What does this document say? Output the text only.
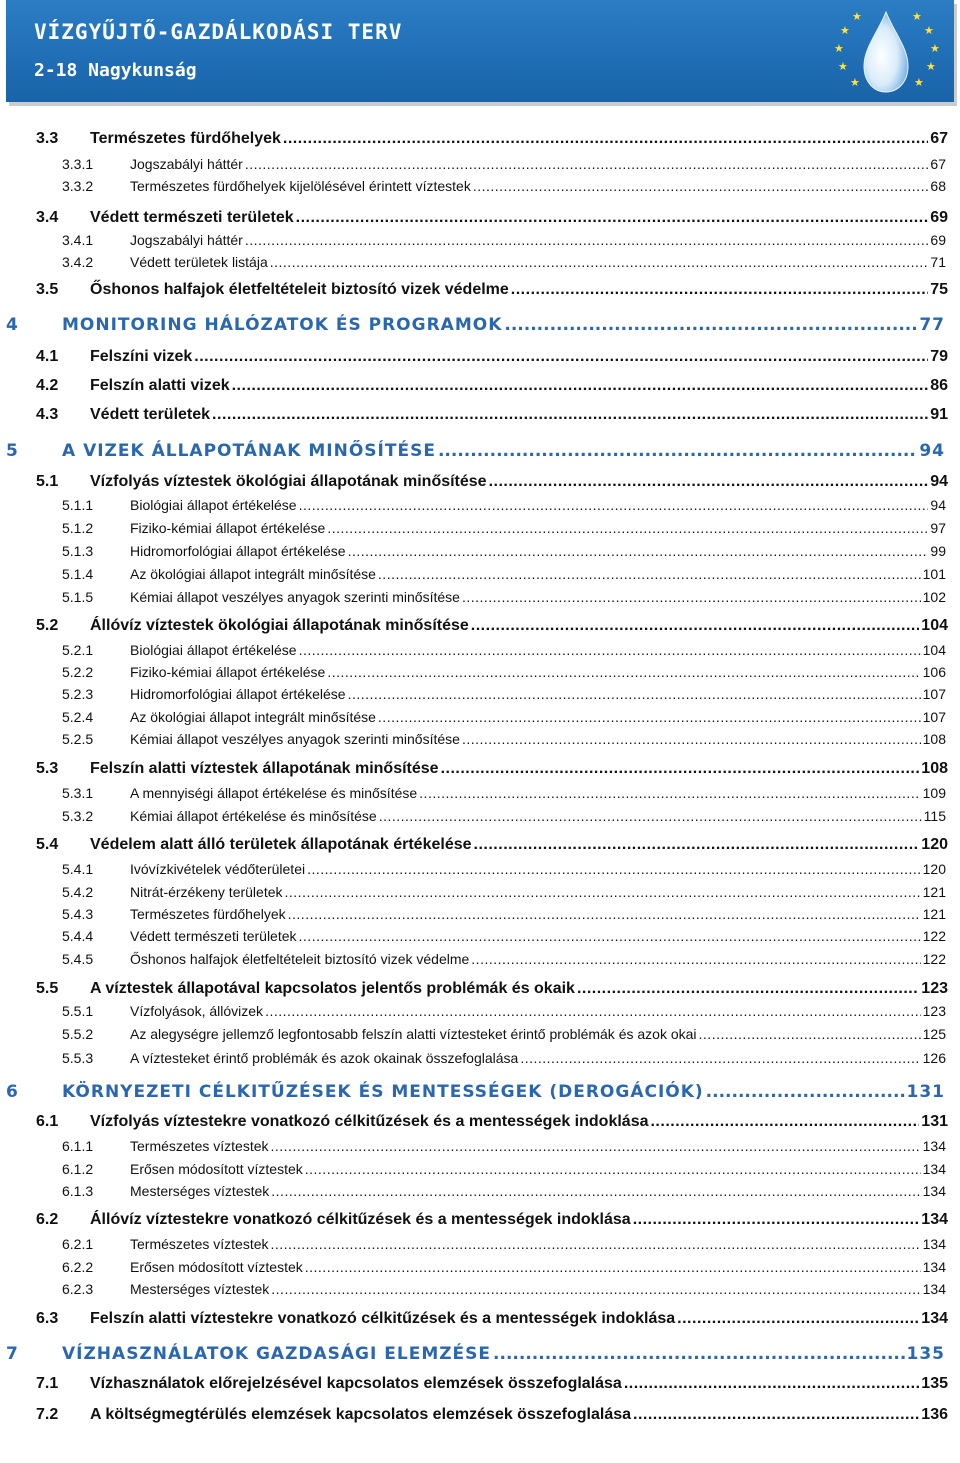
VÍZGYŰJTŐ-GAZDÁLKODÁSI TERV
2-18 Nagykunság
★
★
★
★
★	★
★
★
★
★
3.3 Természetes fürdőhelyek .....	67
3.3.1	Jogszabályi háttér .....	67
3.3.2	Természetes fürdőhelyek kijelölésével érintett víztestek .....	68
3.4 Védett természeti területek .....	69
3.4.1	Jogszabályi háttér .....	69
3.4.2	Védett területek listája .....	71
3.5 Őshonos halfajok életfeltételeit biztosító vizek védelme .....	75
4	MONITORING HÁLÓZATOK ÉS PROGRAMOK .....	77
4.1 Felszíni vizek .....	79
4.2 Felszín alatti vizek .....	86
4.3 Védett területek .....	91
5	A VIZEK ÁLLAPOTÁNAK MINŐSÍTÉSE .....	94
5.1 Vízfolyás víztestek ökológiai állapotának minősítése .....	94
5.1.1	Biológiai állapot értékelése .....	94
5.1.2	Fiziko-kémiai állapot értékelése .....	97
5.1.3	Hidromorfológiai állapot értékelése .....	99
5.1.4	Az ökológiai állapot integrált minősítése .....	101
5.1.5	Kémiai állapot veszélyes anyagok szerinti minősítése .....	102
5.2 Állóvíz víztestek ökológiai állapotának minősítése .....	104
5.2.1	Biológiai állapot értékelése .....	104
5.2.2	Fiziko-kémiai állapot értékelése .....	106
5.2.3	Hidromorfológiai állapot értékelése .....	107
5.2.4	Az ökológiai állapot integrált minősítése .....	107
5.2.5	Kémiai állapot veszélyes anyagok szerinti minősítése .....	108
5.3 Felszín alatti víztestek állapotának minősítése .....	108
5.3.1	A mennyiségi állapot értékelése és minősítése .....	109
5.3.2	Kémiai állapot értékelése és minősítése .....	115
5.4 Védelem alatt álló területek állapotának értékelése .....	120
5.4.1	Ivóvízkivételek védőterületei .....	120
5.4.2	Nitrát-érzékeny területek .....	121
5.4.3	Természetes fürdőhelyek .....	121
5.4.4	Védett természeti területek .....	122
5.4.5	Őshonos halfajok életfeltételeit biztosító vizek védelme .....	122
5.5 A víztestek állapotával kapcsolatos jelentős problémák és okaik .....	123
5.5.1	Vízfolyások, állóvizek .....	123
5.5.2	Az alegységre jellemző legfontosabb felszín alatti víztesteket érintő problémák és azok okai .....	125
5.5.3	A víztesteket érintő problémák és azok okainak összefoglalása .....	126
6	KÖRNYEZETI CÉLKITŰZÉSEK ÉS MENTESSÉGEK (DEROGÁCIÓK) .....	131
6.1 Vízfolyás víztestekre vonatkozó célkitűzések és a mentességek indoklása .....	131
6.1.1	Természetes víztestek .....	134
6.1.2	Erősen módosított víztestek .....	134
6.1.3	Mesterséges víztestek .....	134
6.2 Állóvíz víztestekre vonatkozó célkitűzések és a mentességek indoklása .....	134
6.2.1	Természetes víztestek .....	134
6.2.2	Erősen módosított víztestek .....	134
6.2.3	Mesterséges víztestek .....	134
6.3 Felszín alatti víztestekre vonatkozó célkitűzések és a mentességek indoklása .....	134
7	VÍZHASZNÁLATOK GAZDASÁGI ELEMZÉSE .....	135
7.1 Vízhasználatok előrejelzésével kapcsolatos elemzések összefoglalása .....	135
7.2 A költségmegtérülés elemzések kapcsolatos elemzések összefoglalása .....	136
